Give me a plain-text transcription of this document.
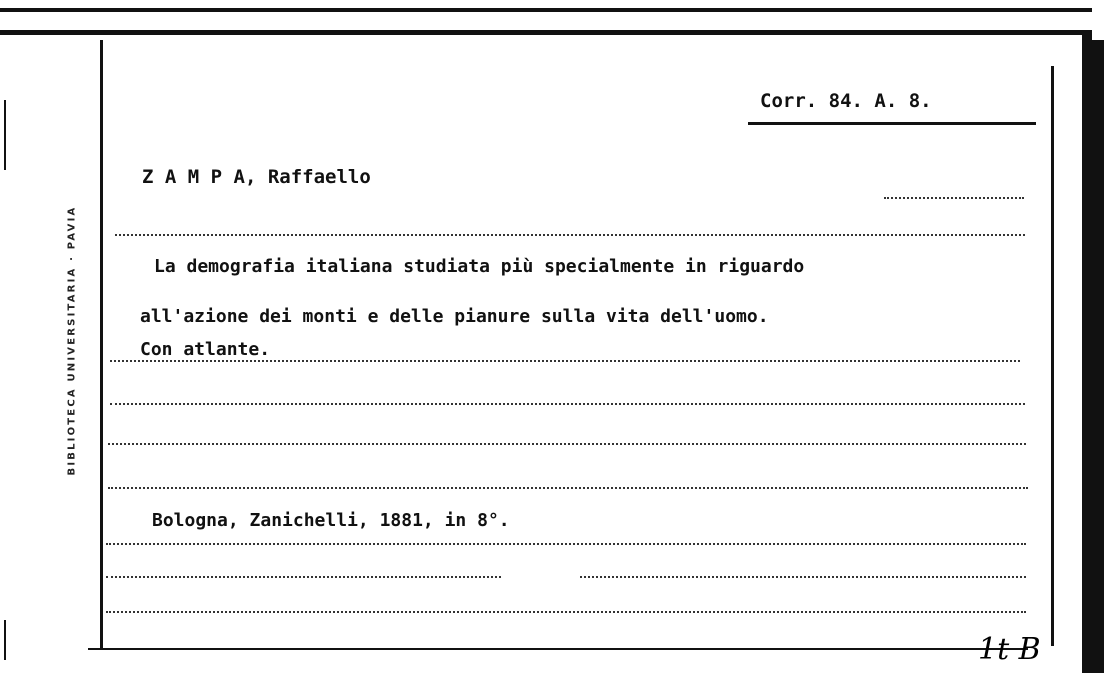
BIBLIOTECA UNIVERSITARIA · PAVIA
Corr. 84. A. 8.
Z A M P A, Raffaello
La demografia italiana studiata più specialmente in riguardo
all'azione dei monti e delle pianure sulla vita dell'uomo.
Con atlante.
Bologna, Zanichelli, 1881, in 8°.
1t B
